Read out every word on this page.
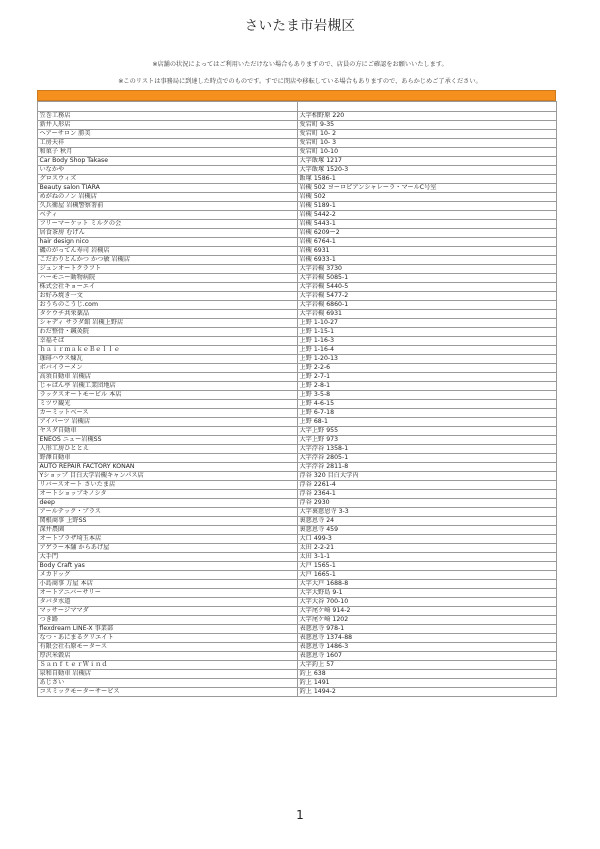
さいたま市岩槻区
※店舗の状況によってはご利用いただけない場合もありますので、店員の方にご確認をお願いいたします。
※このリストは事務局に到達した時点でのものです。すでに閉店や移転している場合もありますので、あらかじめご了承ください。

笠巻工務店	大字相野原 220
新井人形店	愛宕町 9-35
ヘアーサロン 勝美	愛宕町 10- 2
工房天祥	愛宕町 10- 3
和菓子 秋月	愛宕町 10-10
Car Body Shop Takase	大字飯塚 1217
いなかや	大字飯塚 1520-3
グロスウィズ	飯塚 1586-1
Beauty salon TIARA	岩槻 502 ヨーロピアンシャレーラ・マールC号室
めがねのノン 岩槻店	岩槻 502
久兵衛屋 岩槻警察署前	岩槻 5189-1
ベティ	岩槻 5442-2
フリーマーケット ミルクの会	岩槻 5443-1
居食茶房 むげん	岩槻 6209ー2
hair design nico	岩槻 6764-1
磯のがってん寿司 岩槻店	岩槻 6931
こだわりとんかつ かつ敏 岩槻店	岩槻 6933-1
ジュンオートクラフト	大字岩槻 3730
ハーモニー動物病院	大字岩槻 5085-1
株式会社キョーエイ	大字岩槻 5440-5
お好み焼き一文	大字岩槻 5477-2
おうちのこうじ.com	大字岩槻 6860-1
タケウチ共栄薬品	大字岩槻 6931
シャディ サラダ館 岩槻上野店	上野 1-10-27
わだ整骨・鍼灸院	上野 1-15-1
幸福そば	上野 1-16-3
ｈａｉｒｍａｋｅＢｅｌｌｅ	上野 1-16-4
珈琲ハウス煉瓦	上野 1-20-13
ボバイラーメン	上野 2-2-6
高須自動車 岩槻店	上野 2-7-1
じゃぱん亭 岩槻工業団地店	上野 2-8-1
ラックスオートモービル 本店	上野 3-5-8
ミツワ観光	上野 4-6-15
カーミットベース	上野 6-7-18
アイパーツ 岩槻店	上野 68-1
ヤスダ自動車	大字上野 955
ENEOS ニュー岩槻SS	大字上野 973
人形工房ひととえ	大字浮谷 1358-1
野澤自動車	大字浮谷 2805-1
AUTO REPAIR FACTORY KONAN	大字浮谷 2811-8
Yショップ 目白大学岩槻キャンパス店	浮谷 320 目白大学内
リバースオート さいたま店	浮谷 2261-4
オートショップキノシタ	浮谷 2364-1
deep	浮谷 2930
アールテック・プラス	大字裏慈恩寺 3-3
関根商事 上野SS	裏慈恩寺 24
深井農園	裏慈恩寺 459
オートプラザ埼玉本店	大口 499-3
アゲラー本舗 からあげ屋	太田 2-2-21
大手門	太田 3-1-1
Body Craft yas	大戸 1565-1
メカドッグ	大戸 1665-1
小島商事 万屋 本店	大字大戸 1688-8
オートアニバーサリー	大字大野島 9-1
タバタ水道	大字大谷 700-10
マッサージママダ	大字尾ケ崎 914-2
つき路	大字尾ケ崎 1202
flexdream LINE-X 事業部	表慈恩寺 978-1
なつ・あにまるクリエイト	表慈恩寺 1374-88
有限会社石原モータース	表慈恩寺 1486-3
厚沢米穀店	表慈恩寺 1607
ＳａｎｆｔｅｒＷｉｎｄ	大字釣上 57
泉和自動車 岩槻店	釣上 638
あじさい	釣上 1491
コスミックモーターサービス	釣上 1494-2
1
